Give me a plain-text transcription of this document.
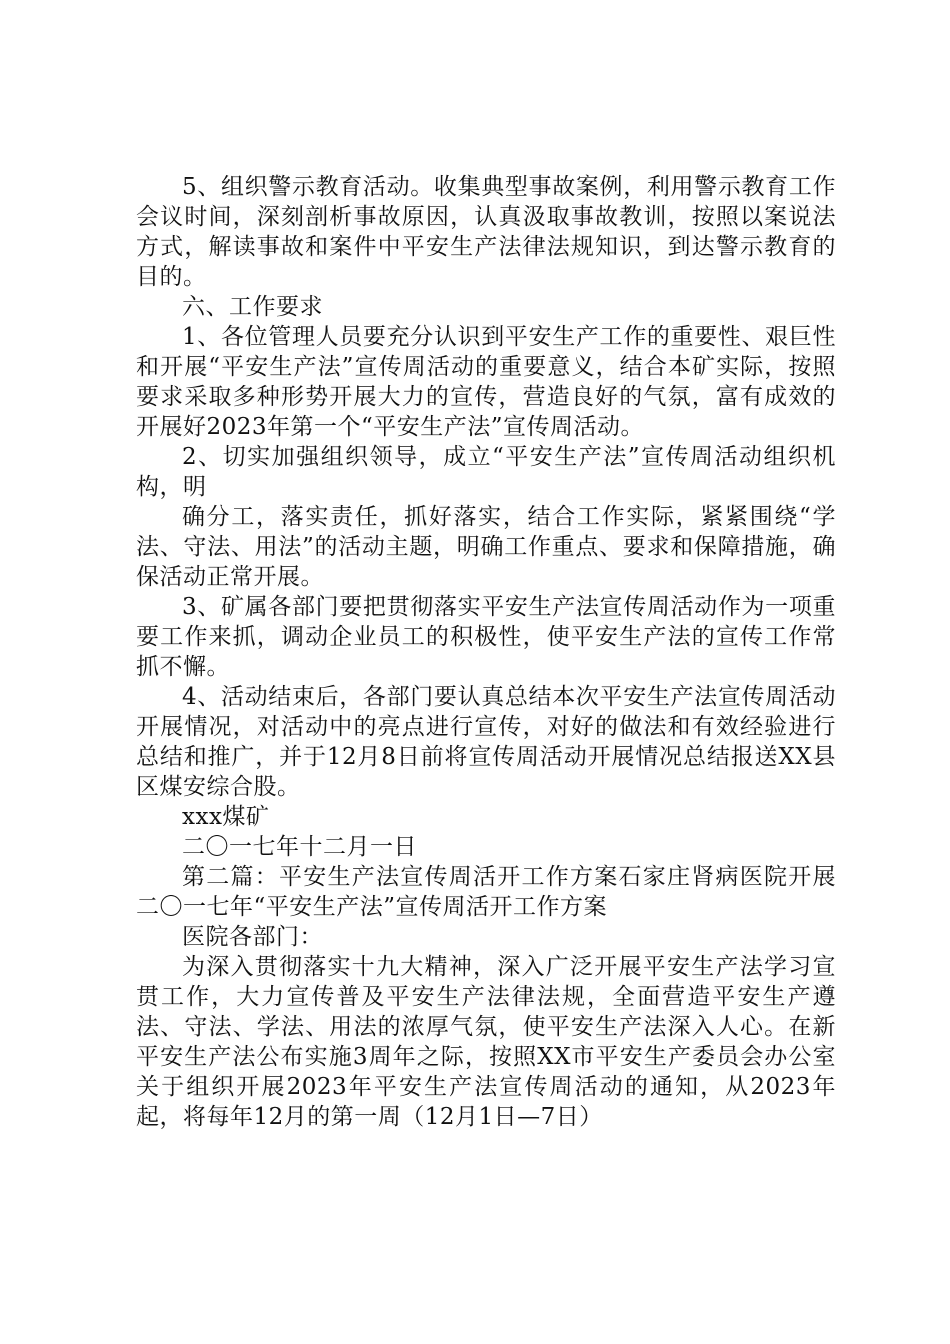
5、组织警示教育活动。收集典型事故案例，利用警示教育工作会议时间，深刻剖析事故原因，认真汲取事故教训，按照以案说法方式，解读事故和案件中平安生产法律法规知识，到达警示教育的目的。

六、工作要求

1、各位管理人员要充分认识到平安生产工作的重要性、艰巨性和开展“平安生产法”宣传周活动的重要意义，结合本矿实际，按照要求采取多种形势开展大力的宣传，营造良好的气氛，富有成效的开展好2023年第一个“平安生产法”宣传周活动。

2、切实加强组织领导，成立“平安生产法”宣传周活动组织机构，明

确分工，落实责任，抓好落实，结合工作实际，紧紧围绕“学法、守法、用法”的活动主题，明确工作重点、要求和保障措施，确保活动正常开展。

3、矿属各部门要把贯彻落实平安生产法宣传周活动作为一项重要工作来抓，调动企业员工的积极性，使平安生产法的宣传工作常抓不懈。

4、活动结束后，各部门要认真总结本次平安生产法宣传周活动开展情况，对活动中的亮点进行宣传，对好的做法和有效经验进行总结和推广，并于12月8日前将宣传周活动开展情况总结报送XX县区煤安综合股。

xxx煤矿

二〇一七年十二月一日

第二篇：平安生产法宣传周活开工作方案石家庄肾病医院开展二〇一七年“平安生产法”宣传周活开工作方案

医院各部门：

为深入贯彻落实十九大精神，深入广泛开展平安生产法学习宣贯工作，大力宣传普及平安生产法律法规，全面营造平安生产遵法、守法、学法、用法的浓厚气氛，使平安生产法深入人心。在新平安生产法公布实施3周年之际，按照XX市平安生产委员会办公室关于组织开展2023年平安生产法宣传周活动的通知，从2023年起，将每年12月的第一周（12月1日—7日）
